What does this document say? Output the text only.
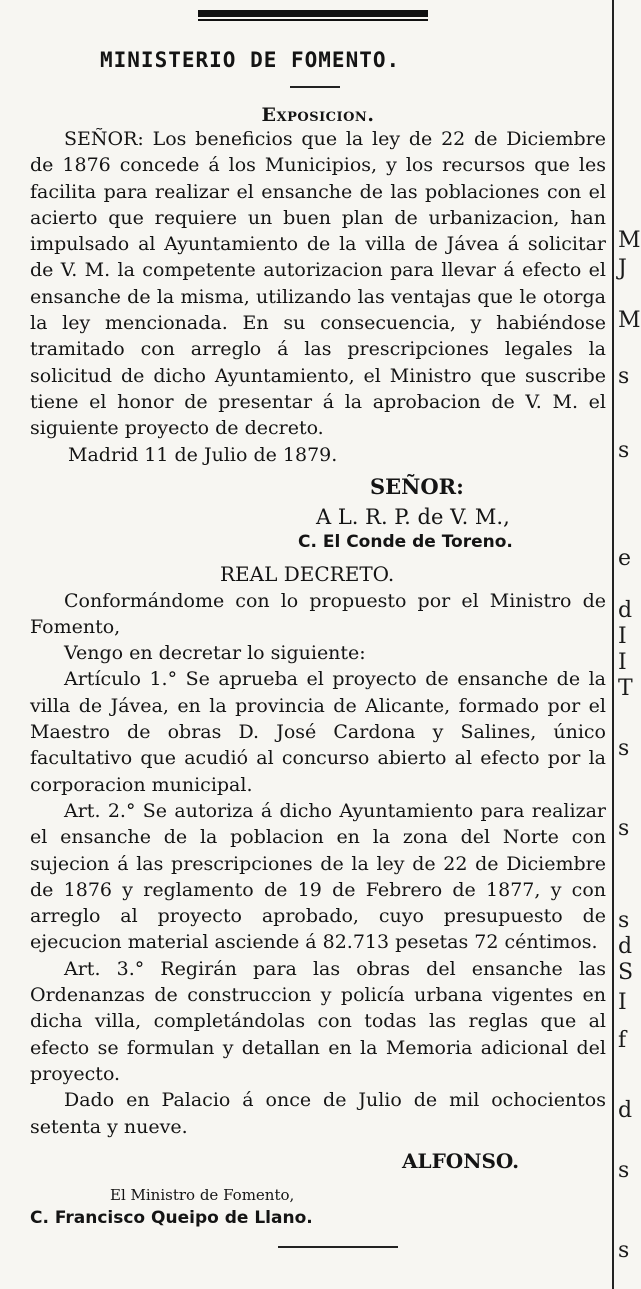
M
J
M
s
s
e
d
I
I
T
s
s
s
d
S
I
f
d
s
s
MINISTERIO DE FOMENTO.
Exposicion.

SEÑOR: Los beneficios que la ley de 22 de Diciembre de 1876 concede á los Municipios, y los recursos que les facilita para realizar el ensanche de las poblaciones con el acierto que requiere un buen plan de urbanizacion, han impulsado al Ayuntamiento de la villa de Jávea á solicitar de V. M. la competente autorizacion para llevar á efecto el ensanche de la misma, utilizando las ventajas que le otorga la ley mencionada. En su consecuencia, y habiéndose tramitado con arreglo á las prescripciones legales la solicitud de dicho Ayuntamiento, el Ministro que suscribe tiene el honor de presentar á la aprobacion de V. M. el siguiente proyecto de decreto.

Madrid 11 de Julio de 1879.
SEÑOR:
A L. R. P. de V. M.,
C. El Conde de Toreno.
REAL DECRETO.

Conformándome con lo propuesto por el Ministro de Fomento,

Vengo en decretar lo siguiente:

Artículo 1.° Se aprueba el proyecto de ensanche de la villa de Jávea, en la provincia de Alicante, formado por el Maestro de obras D. José Cardona y Salines, único facultativo que acudió al concurso abierto al efecto por la corporacion municipal.

Art. 2.° Se autoriza á dicho Ayuntamiento para realizar el ensanche de la poblacion en la zona del Norte con sujecion á las prescripciones de la ley de 22 de Diciembre de 1876 y reglamento de 19 de Febrero de 1877, y con arreglo al proyecto aprobado, cuyo presupuesto de ejecucion material asciende á 82.713 pesetas 72 céntimos.

Art. 3.° Regirán para las obras del ensanche las Ordenanzas de construccion y policía urbana vigentes en dicha villa, completándolas con todas las reglas que al efecto se formulan y detallan en la Memoria adicional del proyecto.

Dado en Palacio á once de Julio de mil ochocientos setenta y nueve.

ALFONSO.
El Ministro de Fomento,
C. Francisco Queipo de Llano.
